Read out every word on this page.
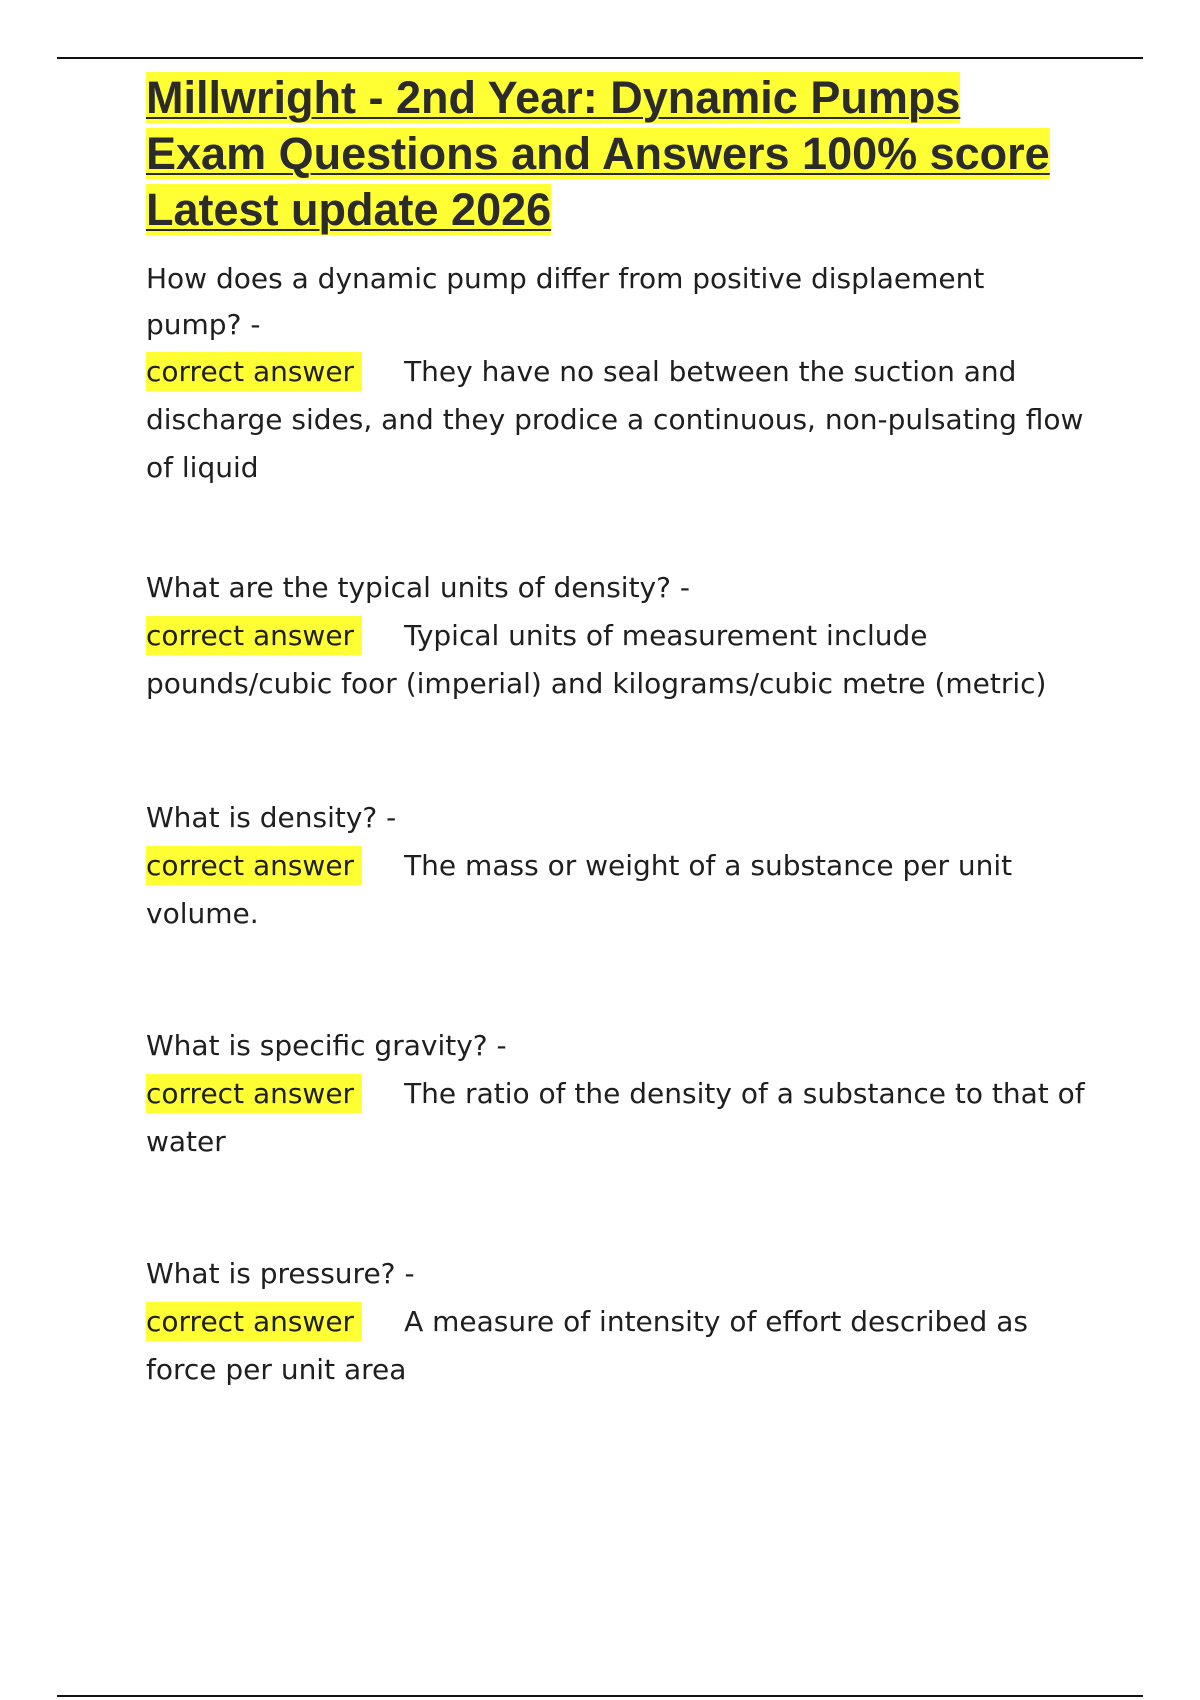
Millwright - 2nd Year: Dynamic Pumps Exam Questions and Answers 100% score Latest update 2026

How does a dynamic pump differ from positive displaement pump? -

correct answer They have no seal between the suction and discharge sides, and they prodice a continuous, non-pulsating flow of liquid

What are the typical units of density? -

correct answer Typical units of measurement include pounds/cubic foor (imperial) and kilograms/cubic metre (metric)

What is density? -

correct answer The mass or weight of a substance per unit volume.

What is specific gravity? -

correct answer The ratio of the density of a substance to that of water

What is pressure? -

correct answer A measure of intensity of effort described as force per unit area
